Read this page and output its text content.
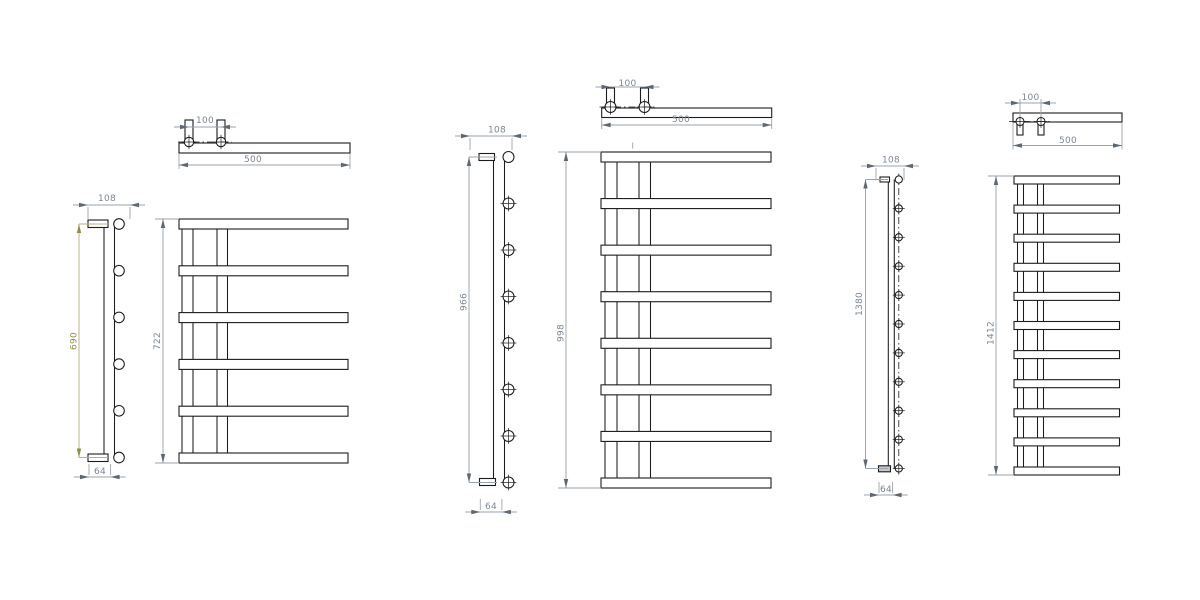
722
100
500
108
690
64
998
100
500
108
966
64
1412
100
500
108
1380
64
